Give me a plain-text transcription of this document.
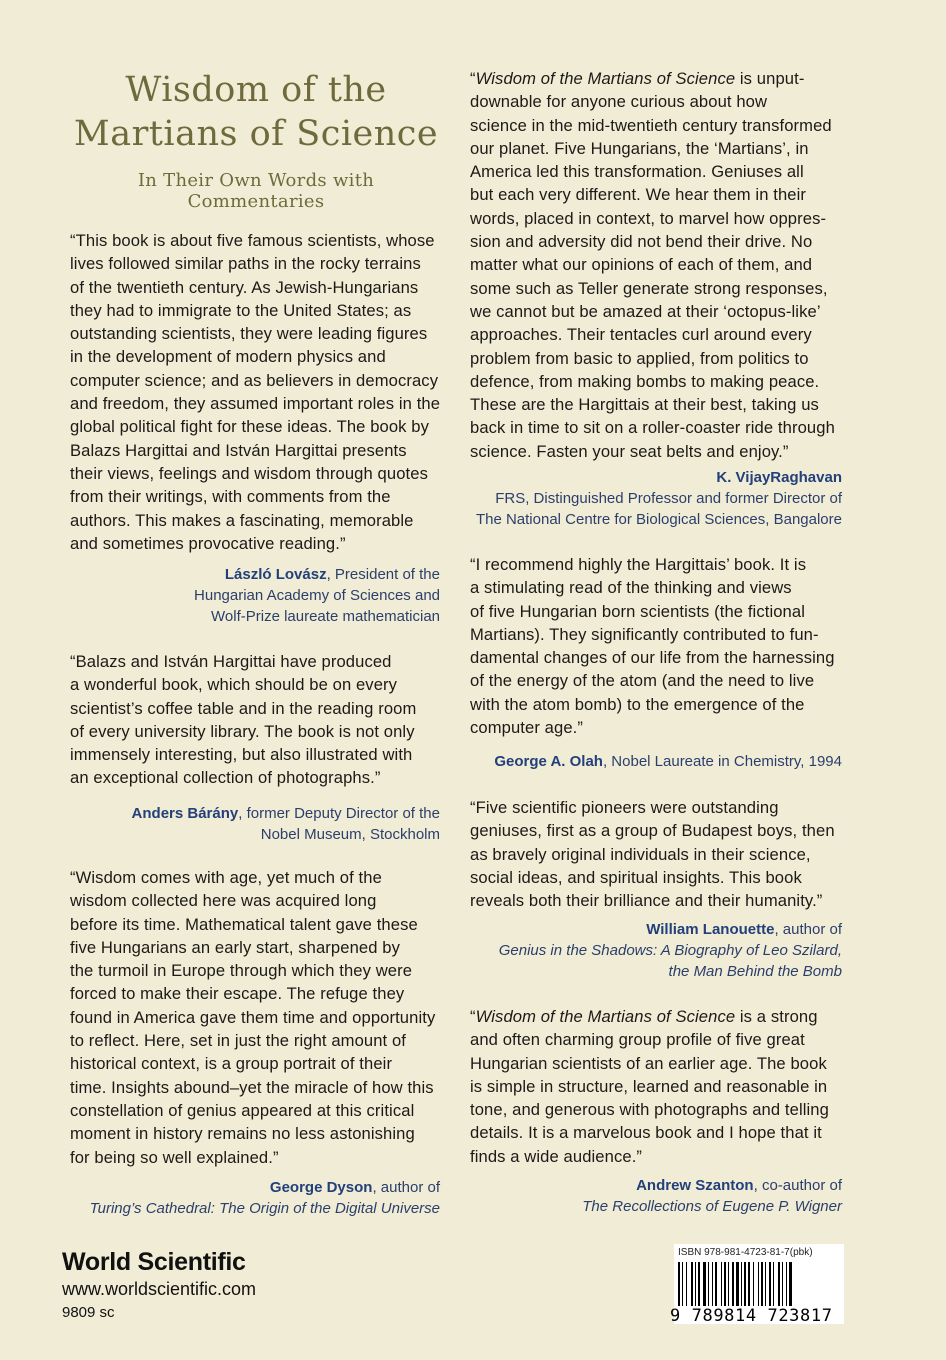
Wisdom of the
Martians of Science
In Their Own Words with Commentaries

“This book is about five famous scientists, whose

lives followed similar paths in the rocky terrains

of the twentieth century. As Jewish-Hungarians

they had to immigrate to the United States; as

outstanding scientists, they were leading figures

in the development of modern physics and

computer science; and as believers in democracy

and freedom, they assumed important roles in the

global political fight for these ideas. The book by

Balazs Hargittai and István Hargittai presents

their views, feelings and wisdom through quotes

from their writings, with comments from the

authors. This makes a fascinating, memorable

and sometimes provocative reading.”

László Lovász, President of the
Hungarian Academy of Sciences and
Wolf-Prize laureate mathematician

“Balazs and István Hargittai have produced

a wonderful book, which should be on every

scientist’s coffee table and in the reading room

of every university library. The book is not only

immensely interesting, but also illustrated with

an exceptional collection of photographs.”

Anders Bárány, former Deputy Director of the
Nobel Museum, Stockholm

“Wisdom comes with age, yet much of the

wisdom collected here was acquired long

before its time. Mathematical talent gave these

five Hungarians an early start, sharpened by

the turmoil in Europe through which they were

forced to make their escape. The refuge they

found in America gave them time and opportunity

to reflect. Here, set in just the right amount of

historical context, is a group portrait of their

time. Insights abound–yet the miracle of how this

constellation of genius appeared at this critical

moment in history remains no less astonishing

for being so well explained.”

George Dyson, author of
Turing’s Cathedral: The Origin of the Digital Universe

“Wisdom of the Martians of Science is unput-

downable for anyone curious about how

science in the mid-twentieth century transformed

our planet. Five Hungarians, the ‘Martians’, in

America led this transformation. Geniuses all

but each very different. We hear them in their

words, placed in context, to marvel how oppres-

sion and adversity did not bend their drive. No

matter what our opinions of each of them, and

some such as Teller generate strong responses,

we cannot but be amazed at their ‘octopus-like’

approaches. Their tentacles curl around every

problem from basic to applied, from politics to

defence, from making bombs to making peace.

These are the Hargittais at their best, taking us

back in time to sit on a roller-coaster ride through

science. Fasten your seat belts and enjoy.”

K. VijayRaghavan
FRS, Distinguished Professor and former Director of
The National Centre for Biological Sciences, Bangalore

“I recommend highly the Hargittais’ book. It is

a stimulating read of the thinking and views

of five Hungarian born scientists (the fictional

Martians). They significantly contributed to fun-

damental changes of our life from the harnessing

of the energy of the atom (and the need to live

with the atom bomb) to the emergence of the

computer age.”

George A. Olah, Nobel Laureate in Chemistry, 1994

“Five scientific pioneers were outstanding

geniuses, first as a group of Budapest boys, then

as bravely original individuals in their science,

social ideas, and spiritual insights. This book

reveals both their brilliance and their humanity.”

William Lanouette, author of
Genius in the Shadows: A Biography of Leo Szilard,
the Man Behind the Bomb

“Wisdom of the Martians of Science is a strong

and often charming group profile of five great

Hungarian scientists of an earlier age. The book

is simple in structure, learned and reasonable in

tone, and generous with photographs and telling

details. It is a marvelous book and I hope that it

finds a wide audience.”

Andrew Szanton, co-author of
The Recollections of Eugene P. Wigner
World Scientific
www.worldscientific.com
9809 sc
ISBN 978-981-4723-81-7(pbk)
9 789814 723817
